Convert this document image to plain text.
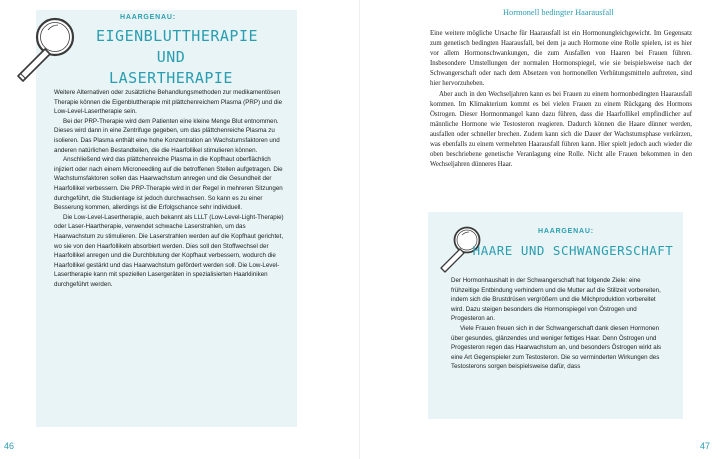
HAARGENAU:
EIGENBLUTTHERAPIE UND
LASERTHERAPIE

Weitere Alternativen oder zusätzliche Behandlungsmethoden zur medikamentösen Therapie können die Eigenbluttherapie mit plättchenreichem Plasma (PRP) und die Low-Level-Lasertherapie sein.

Bei der PRP-Therapie wird dem Patienten eine kleine Menge Blut entnommen. Dieses wird dann in eine Zentrifuge gegeben, um das plättchenreiche Plasma zu isolieren. Das Plasma enthält eine hohe Konzentration an Wachstumsfaktoren und anderen natürlichen Bestandteilen, die die Haarfollikel stimulieren können.

Anschließend wird das plättchenreiche Plasma in die Kopfhaut oberflächlich injiziert oder nach einem Microneedling auf die betroffenen Stellen aufgetragen. Die Wachstumsfaktoren sollen das Haarwachstum anregen und die Gesundheit der Haarfollikel verbessern. Die PRP-Therapie wird in der Regel in mehreren Sitzungen durchgeführt, die Studienlage ist jedoch durchwachsen. So kann es zu einer Besserung kommen, allerdings ist die Erfolgschance sehr individuell.

Die Low-Level-Lasertherapie, auch bekannt als LLLT (Low-Level-Light-Therapie) oder Laser-Haartherapie, verwendet schwache Laserstrahlen, um das Haarwachstum zu stimulieren. Die Laserstrahlen werden auf die Kopfhaut gerichtet, wo sie von den Haarfollikeln absorbiert werden. Dies soll den Stoffwechsel der Haarfollikel anregen und die Durchblutung der Kopfhaut verbessern, wodurch die Haarfollikel gestärkt und das Haarwachstum gefördert werden soll. Die Low-Level-Lasertherapie kann mit speziellen Lasergeräten in spezialisierten Haarkliniken durchgeführt werden.

46
Hormonell bedingter Haarausfall

Eine weitere mögliche Ursache für Haarausfall ist ein Hormonungleichgewicht. Im Gegensatz zum genetisch bedingten Haarausfall, bei dem ja auch Hormone eine Rolle spielen, ist es hier vor allem Hormonschwankungen, die zum Ausfallen von Haaren bei Frauen führen. Insbesondere Umstellungen der normalen Hormonspiegel, wie sie beispielsweise nach der Schwangerschaft oder nach dem Absetzen von hormonellen Verhütungsmitteln auftreten, sind hier hervorzuheben.

Aber auch in den Wechseljahren kann es bei Frauen zu einem hormonbedingten Haarausfall kommen. Im Klimakterium kommt es bei vielen Frauen zu einem Rückgang des Hormons Östrogen. Dieser Hormonmangel kann dazu führen, dass die Haarfollikel empfindlicher auf männliche Hormone wie Testosteron reagieren. Dadurch können die Haare dünner werden, ausfallen oder schneller brechen. Zudem kann sich die Dauer der Wachstumsphase verkürzen, was ebenfalls zu einem vermehrten Haarausfall führen kann. Hier spielt jedoch auch wieder die oben beschriebene genetische Veranlagung eine Rolle. Nicht alle Frauen bekommen in den Wechseljahren dünneres Haar.

HAARGENAU:
HAARE UND SCHWANGERSCHAFT

Der Hormonhaushalt in der Schwangerschaft hat folgende Ziele: eine frühzeitige Entbindung verhindern und die Mutter auf die Stillzeit vorbereiten, indem sich die Brustdrüsen vergrößern und die Milchproduktion vorbereitet wird. Dazu steigen besonders die Hormonspiegel von Östrogen und Progesteron an.

Viele Frauen freuen sich in der Schwangerschaft dank diesen Hormonen über gesundes, glänzendes und weniger fettiges Haar. Denn Östrogen und Progesteron regen das Haarwachstum an, und besonders Östrogen wirkt als eine Art Gegenspieler zum Testosteron. Die so verminderten Wirkungen des Testosterons sorgen beispielsweise dafür, dass

47
